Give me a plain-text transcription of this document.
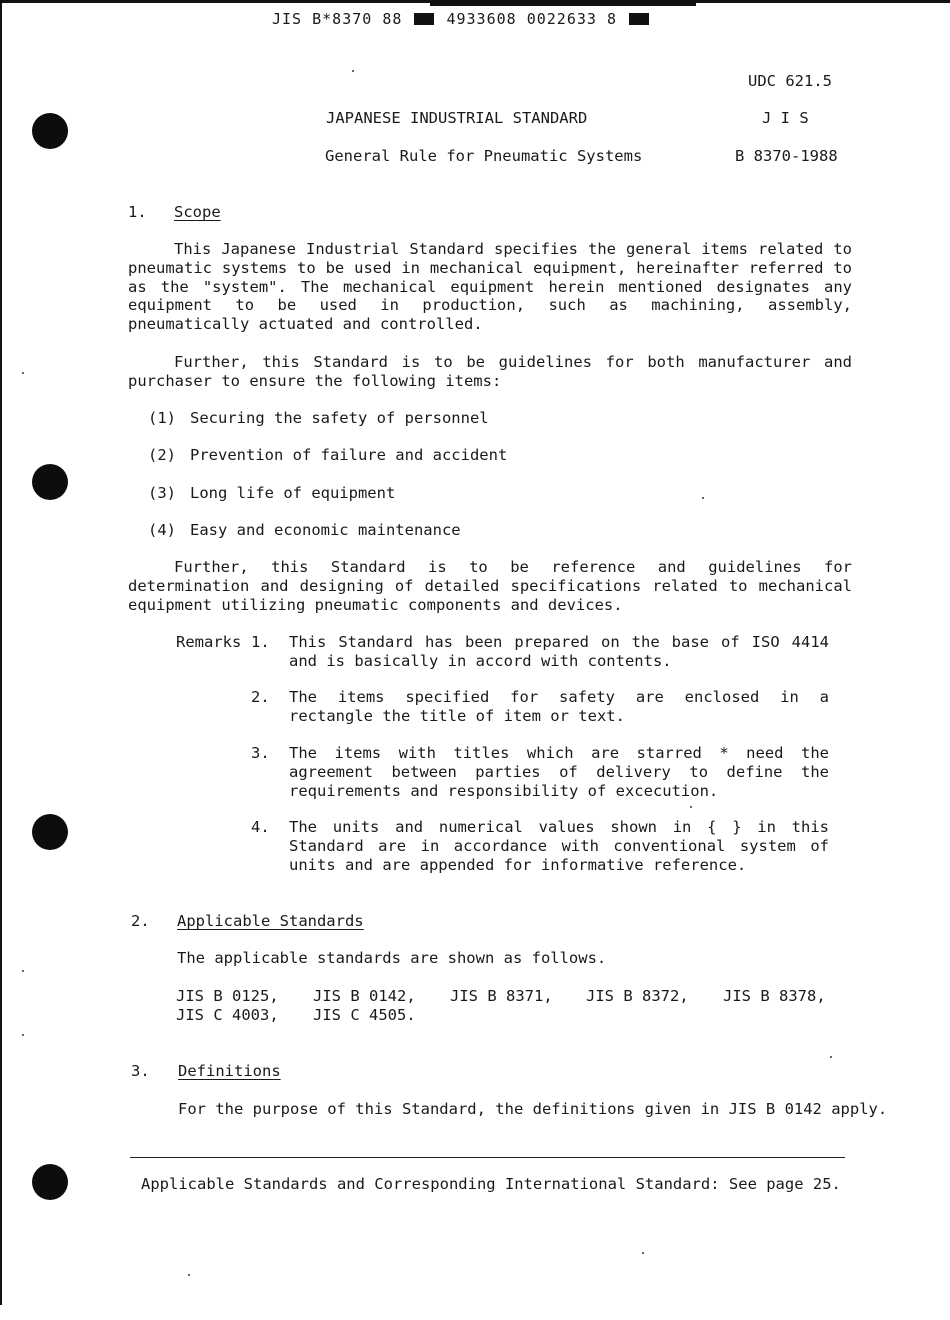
JIS B*8370 88	4933608 0022633 8
UDC 621.5
JAPANESE INDUSTRIAL STANDARD	J I S
General Rule for Pneumatic Systems	B 8370-1988
1. Scope
This Japanese Industrial Standard specifies the general items related to pneumatic systems to be used in mechanical equipment, hereinafter referred to as the "system". The mechanical equipment herein mentioned designates any equipment to be used in production, such as machining, assembly, pneumatically actuated and controlled.
Further, this Standard is to be guidelines for both manufacturer and purchaser to ensure the following items:
(1) Securing the safety of personnel
(2) Prevention of failure and accident
(3) Long life of equipment
(4) Easy and economic maintenance
Further, this Standard is to be reference and guidelines for determination and designing of detailed specifications related to mechanical equipment utilizing pneumatic components and devices.
Remarks 1. This Standard has been prepared on the base of ISO 4414 and is basically in accord with contents.
2. The items specified for safety are enclosed in a rectangle the title of item or text.
3. The items with titles which are starred * need the agreement between parties of delivery to define the requirements and responsibility of excecution.
4. The units and numerical values shown in { } in this Standard are in accordance with conventional system of units and are appended for informative reference.
2. Applicable Standards
The applicable standards are shown as follows.
JIS B 0125, JIS B 0142, JIS B 8371, JIS B 8372, JIS B 8378,
JIS C 4003, JIS C 4505.
3. Definitions
For the purpose of this Standard, the definitions given in JIS B 0142 apply.
Applicable Standards and Corresponding International Standard: See page 25.
